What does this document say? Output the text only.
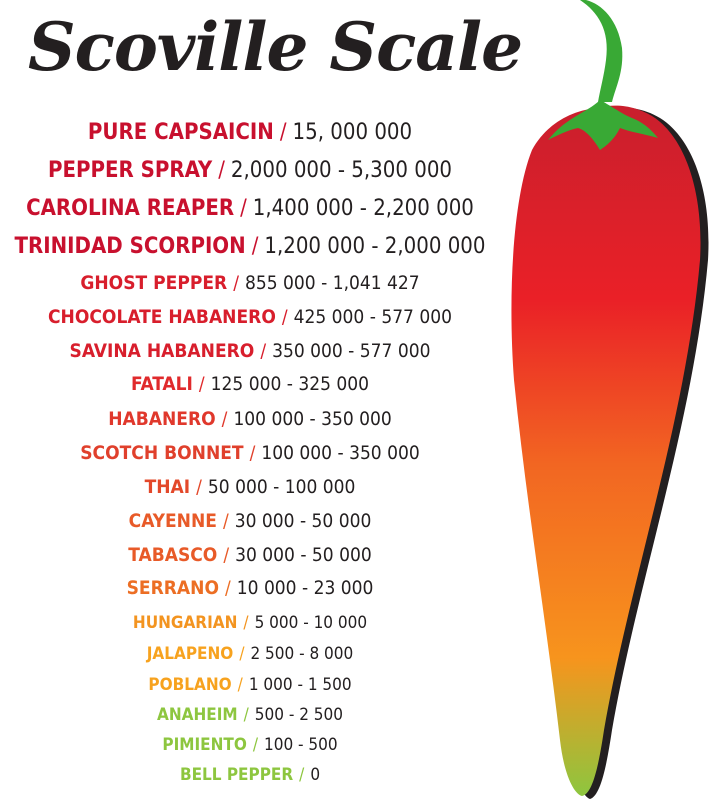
Scoville Scale
PURE CAPSAICIN / 15, 000 000
PEPPER SPRAY / 2,000 000 - 5,300 000
CAROLINA REAPER / 1,400 000 - 2,200 000
TRINIDAD SCORPION / 1,200 000 - 2,000 000
GHOST PEPPER / 855 000 - 1,041 427
CHOCOLATE HABANERO / 425 000 - 577 000
SAVINA HABANERO / 350 000 - 577 000
FATALI / 125 000 - 325 000
HABANERO / 100 000 - 350 000
SCOTCH BONNET / 100 000 - 350 000
THAI / 50 000 - 100 000
CAYENNE / 30 000 - 50 000
TABASCO / 30 000 - 50 000
SERRANO / 10 000 - 23 000
HUNGARIAN / 5 000 - 10 000
JALAPENO / 2 500 - 8 000
POBLANO / 1 000 - 1 500
ANAHEIM / 500 - 2 500
PIMIENTO / 100 - 500
BELL PEPPER / 0
